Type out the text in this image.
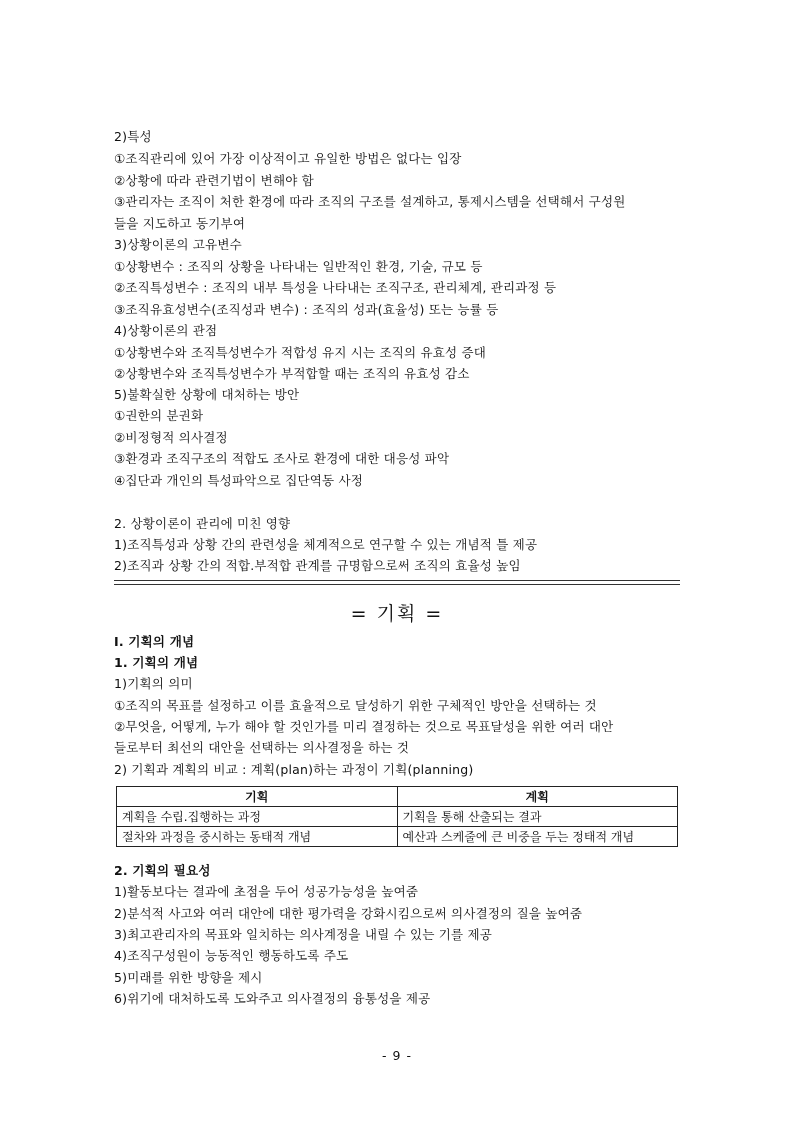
2)특성
①조직관리에 있어 가장 이상적이고 유일한 방법은 없다는 입장
②상황에 따라 관련기법이 변해야 함
③관리자는 조직이 처한 환경에 따라 조직의 구조를 설계하고, 통제시스템을 선택해서 구성원
들을 지도하고 동기부여
3)상황이론의 고유변수
①상황변수 : 조직의 상황을 나타내는 일반적인 환경, 기술, 규모 등
②조직특성변수 : 조직의 내부 특성을 나타내는 조직구조, 관리체계, 관리과정 등
③조직유효성변수(조직성과 변수) : 조직의 성과(효율성) 또는 능률 등
4)상황이론의 관점
①상황변수와 조직특성변수가 적합성 유지 시는 조직의 유효성 증대
②상황변수와 조직특성변수가 부적합할 때는 조직의 유효성 감소
5)불확실한 상황에 대처하는 방안
①권한의 분권화
②비정형적 의사결정
③환경과 조직구조의 적합도 조사로 환경에 대한 대응성 파악
④집단과 개인의 특성파악으로 집단역동 사정
2. 상황이론이 관리에 미친 영향
1)조직특성과 상황 간의 관련성을 체계적으로 연구할 수 있는 개념적 틀 제공
2)조직과 상황 간의 적합.부적합 관계를 규명함으로써 조직의 효율성 높임
= 기획 =
Ⅰ. 기획의 개념
1. 기획의 개념
1)기획의 의미
①조직의 목표를 설정하고 이를 효율적으로 달성하기 위한 구체적인 방안을 선택하는 것
②무엇을, 어떻게, 누가 해야 할 것인가를 미리 결정하는 것으로 목표달성을 위한 여러 대안
들로부터 최선의 대안을 선택하는 의사결정을 하는 것
2) 기획과 계획의 비교 : 계획(plan)하는 과정이 기획(planning)
기획	계획
계획을 수립.집행하는 과정	기획을 통해 산출되는 결과
절차와 과정을 중시하는 동태적 개념	예산과 스케줄에 큰 비중을 두는 정태적 개념
2. 기획의 필요성
1)활동보다는 결과에 초점을 두어 성공가능성을 높여줌
2)분석적 사고와 여러 대안에 대한 평가력을 강화시킴으로써 의사결정의 질을 높여줌
3)최고관리자의 목표와 일치하는 의사계정을 내릴 수 있는 기를 제공
4)조직구성원이 능동적인 행동하도록 주도
5)미래를 위한 방향을 제시
6)위기에 대처하도록 도와주고 의사결정의 융통성을 제공
- 9 -
